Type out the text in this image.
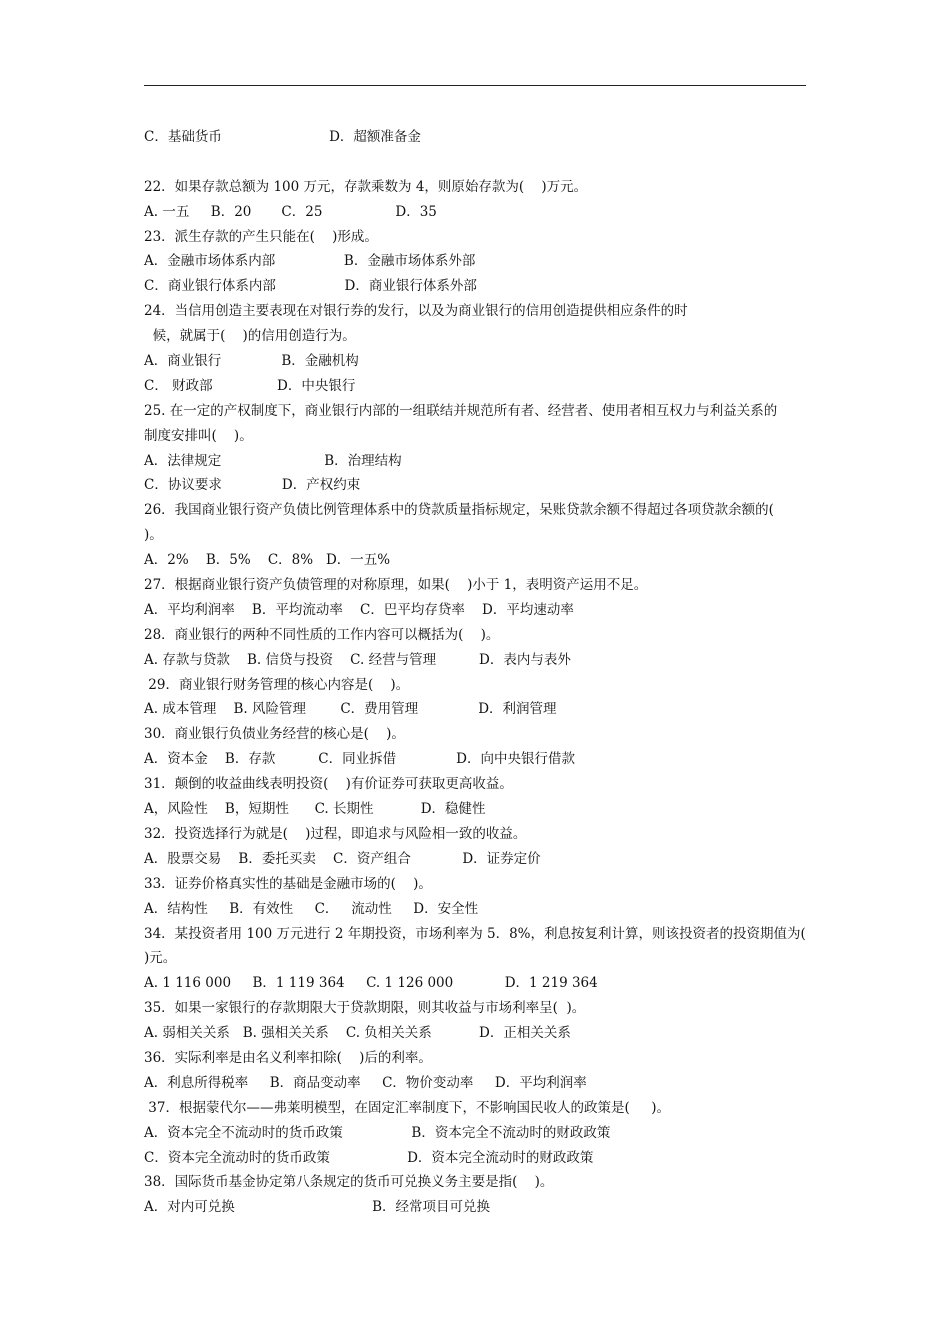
C．基础货币                         D．超额准备金
22．如果存款总额为 100 万元，存款乘数为 4，则原始存款为(    )万元。
A. 一五     B．20       C．25                 D．35
23．派生存款的产生只能在(    )形成。
A．金融市场体系内部                B．金融市场体系外部
C．商业银行体系内部                D．商业银行体系外部
24．当信用创造主要表现在对银行券的发行，以及为商业银行的信用创造提供相应条件的时
候，就属于(    )的信用创造行为。
A．商业银行              B．金融机构
C． 财政部               D．中央银行
25. 在一定的产权制度下，商业银行内部的一组联结并规范所有者、经营者、使用者相互权力与利益关系的
制度安排叫(    )。
A．法律规定                        B．治理结构
C．协议要求              D．产权约束
26．我国商业银行资产负债比例管理体系中的贷款质量指标规定，呆账贷款余额不得超过各项贷款余额的(
)。
A．2%    B．5%    C．8%   D．一五%
27．根据商业银行资产负债管理的对称原理，如果(    )小于 1，表明资产运用不足。
A．平均利润率    B．平均流动率    C．巴平均存贷率    D．平均速动率
28．商业银行的两种不同性质的工作内容可以概括为(    )。
A. 存款与贷款    B. 信贷与投资    C. 经营与管理          D．表内与表外
29．商业银行财务管理的核心内容是(    )。
A. 成本管理    B. 风险管理        C．费用管理              D．利润管理
30．商业银行负债业务经营的核心是(    )。
A．资本金    B．存款          C．同业拆借              D．向中央银行借款
31．颠倒的收益曲线表明投资(    )有价证券可获取更高收益。
A，风险性    B，短期性      C. 长期性           D．稳健性
32．投资选择行为就是(    )过程，即追求与风险相一致的收益。
A．股票交易    B．委托买卖    C．资产组合            D．证券定价
33．证券价格真实性的基础是金融市场的(    )。
A．结构性     B．有效性     C．   流动性     D．安全性
34．某投资者用 100 万元进行 2 年期投资，市场利率为 5．8%，利息按复利计算，则该投资者的投资期值为(
)元。
A. 1 116 000     B．1 119 364     C. 1 126 000            D．1 219 364
35．如果一家银行的存款期限大于贷款期限，则其收益与市场利率呈(  )。
A. 弱相关关系   B. 强相关关系    C. 负相关关系           D．正相关关系
36．实际利率是由名义利率扣除(    )后的利率。
A．利息所得税率     B．商品变动率     C．物价变动率     D．平均利润率
37．根据蒙代尔——弗莱明模型，在固定汇率制度下，不影响国民收人的政策是(     )。
A．资本完全不流动时的货币政策                B．资本完全不流动时的财政政策
C．资本完全流动时的货币政策                  D．资本完全流动时的财政政策
38．国际货币基金协定第八条规定的货币可兑换义务主要是指(    )。
A．对内可兑换                                B．经常项目可兑换
